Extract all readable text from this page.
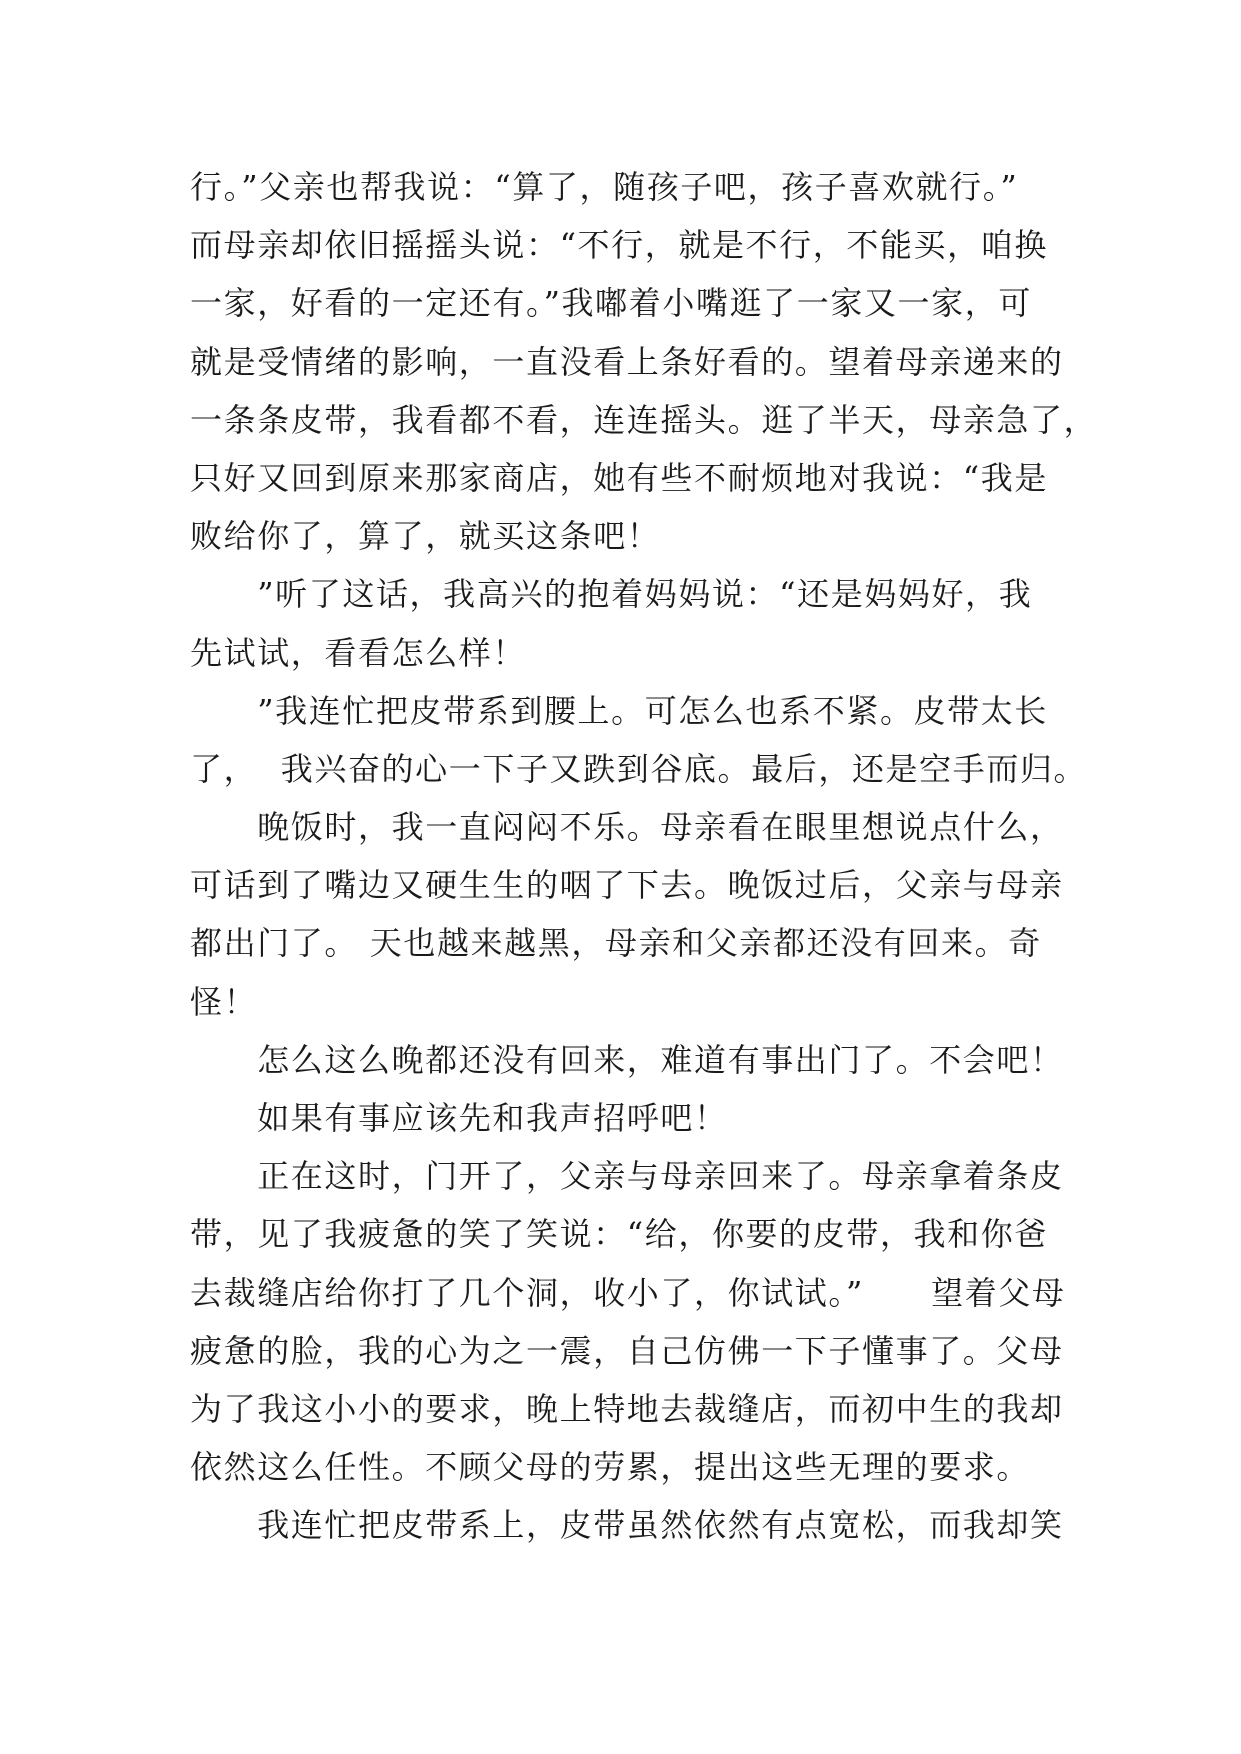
行。”父亲也帮我说：“算了，随孩子吧，孩子喜欢就行。”
而母亲却依旧摇摇头说：“不行，就是不行，不能买，咱换
一家，好看的一定还有。”我嘟着小嘴逛了一家又一家，可
就是受情绪的影响，一直没看上条好看的。望着母亲递来的
一条条皮带，我看都不看，连连摇头。逛了半天，母亲急了，
只好又回到原来那家商店，她有些不耐烦地对我说：“我是
败给你了，算了，就买这条吧！
　　”听了这话，我高兴的抱着妈妈说：“还是妈妈好，我
先试试，看看怎么样！
　　”我连忙把皮带系到腰上。可怎么也系不紧。皮带太长
了，  我兴奋的心一下子又跌到谷底。最后，还是空手而归。
　　晚饭时，我一直闷闷不乐。母亲看在眼里想说点什么，
可话到了嘴边又硬生生的咽了下去。晚饭过后，父亲与母亲
都出门了。 天也越来越黑，母亲和父亲都还没有回来。奇
怪！
　　怎么这么晚都还没有回来，难道有事出门了。不会吧！
　　如果有事应该先和我声招呼吧！
　　正在这时，门开了，父亲与母亲回来了。母亲拿着条皮
带，见了我疲惫的笑了笑说：“给，你要的皮带，我和你爸
去裁缝店给你打了几个洞，收小了，你试试。”　　望着父母
疲惫的脸，我的心为之一震，自己仿佛一下子懂事了。父母
为了我这小小的要求，晚上特地去裁缝店，而初中生的我却
依然这么任性。不顾父母的劳累，提出这些无理的要求。
　　我连忙把皮带系上，皮带虽然依然有点宽松，而我却笑
